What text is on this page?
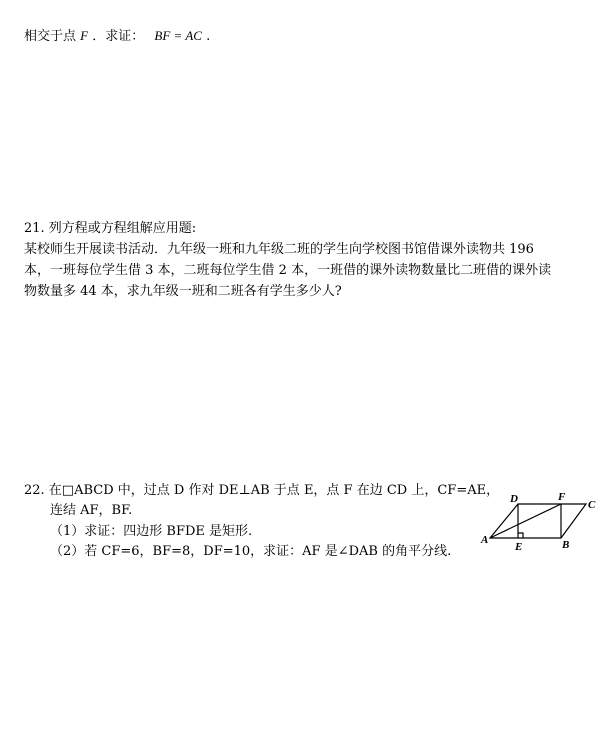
相交于点 F ．求证： BF = AC .
21. 列方程或方程组解应用题:
某校师生开展读书活动．九年级一班和九年级二班的学生向学校图书馆借课外读物共 196
本，一班每位学生借 3 本，二班每位学生借 2 本，一班借的课外读物数量比二班借的课外读
物数量多 44 本，求九年级一班和二班各有学生多少人?
22. 在□ABCD 中，过点 D 作对 DE⊥AB 于点 E，点 F 在边 CD 上，CF=AE，
连结 AF，BF.
（1）求证：四边形 BFDE 是矩形.
（2）若 CF=6，BF=8，DF=10，求证：AF 是∠DAB 的角平分线.
D	F
C
A
E	B
